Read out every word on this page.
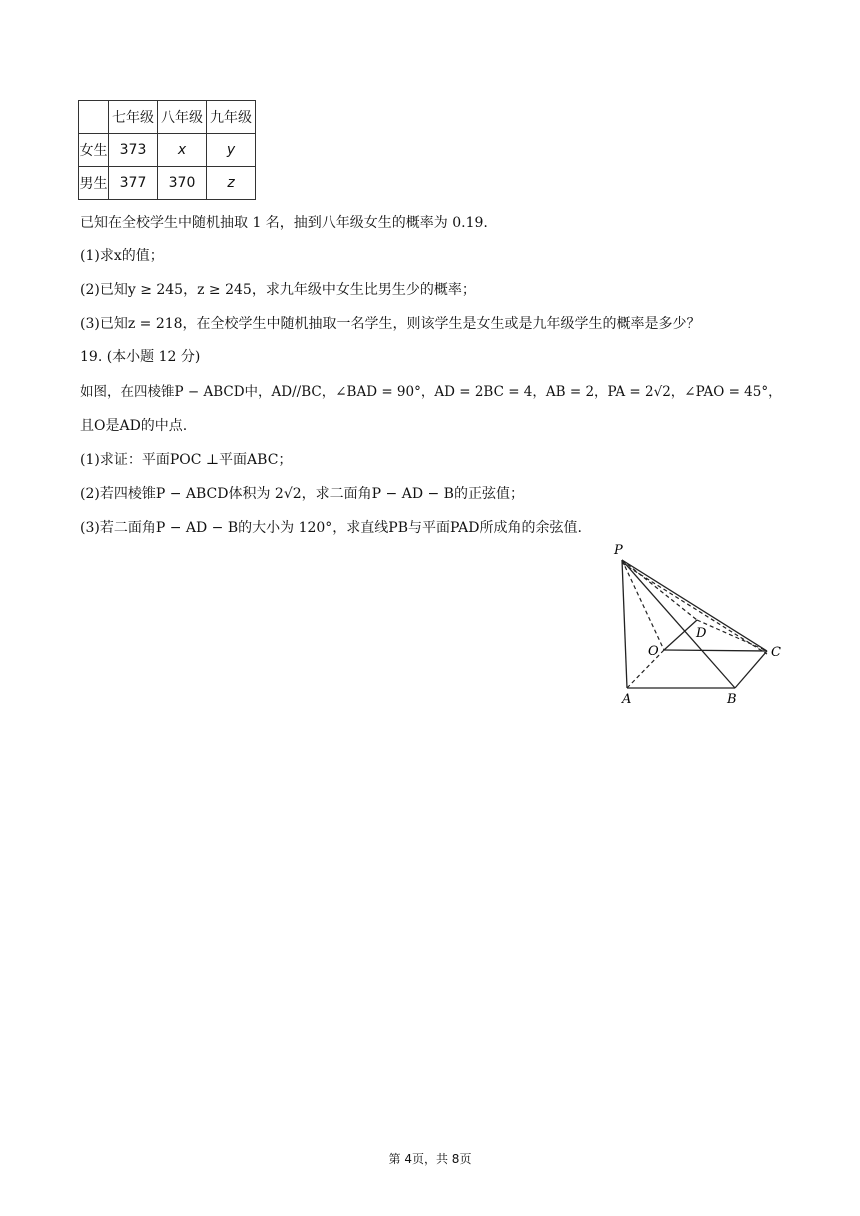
	七年级	八年级	九年级
女生	373	x	y
男生	377	370	z
已知在全校学生中随机抽取 1 名，抽到八年级女生的概率为 0.19.
(1)求x的值；
(2)已知y ≥ 245，z ≥ 245，求九年级中女生比男生少的概率；
(3)已知z = 218，在全校学生中随机抽取一名学生，则该学生是女生或是九年级学生的概率是多少？
19. (本小题 12 分)
如图，在四棱锥P − ABCD中，AD//BC，∠BAD = 90°，AD = 2BC = 4，AB = 2，PA = 2√2，∠PAO = 45°，
且O是AD的中点.
(1)求证：平面POC ⊥平面ABC；
(2)若四棱锥P − ABCD体积为 2√2，求二面角P − AD − B的正弦值；
(3)若二面角P − AD − B的大小为 120°，求直线PB与平面PAD所成角的余弦值.
P
O
D
C
A	B
第 4页，共 8页
